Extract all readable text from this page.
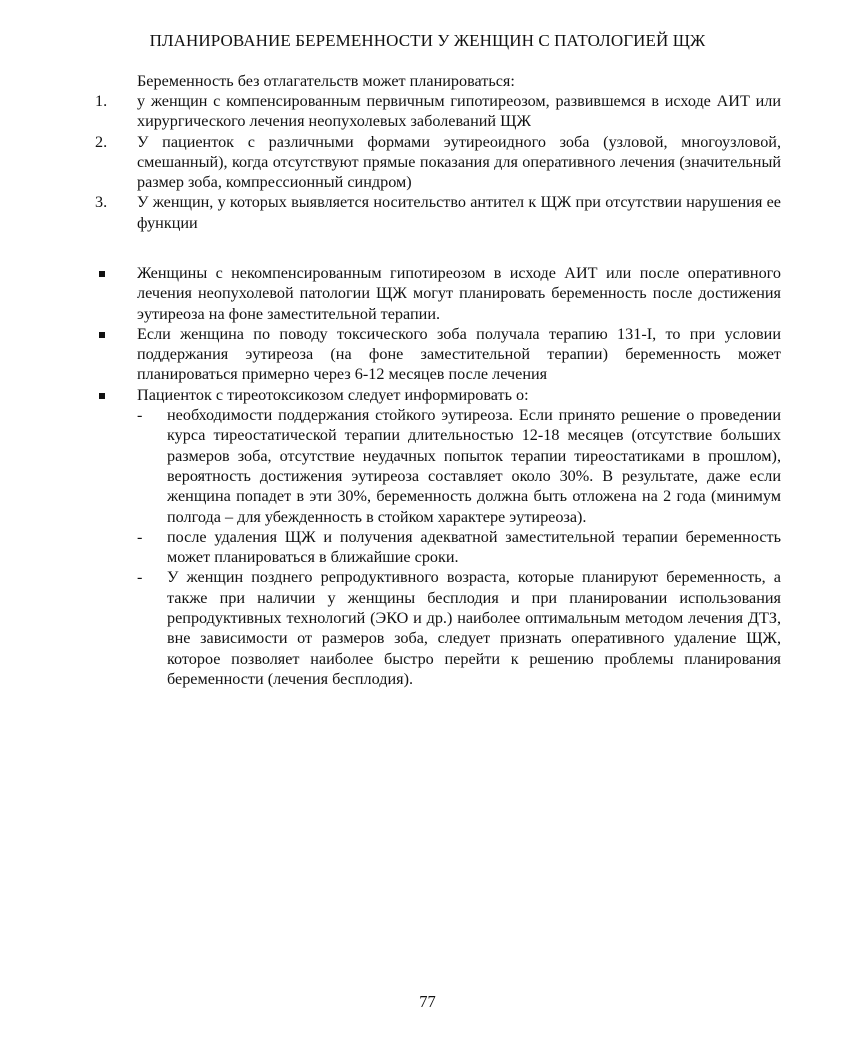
ПЛАНИРОВАНИЕ БЕРЕМЕННОСТИ У ЖЕНЩИН С ПАТОЛОГИЕЙ ЩЖ
Беременность без отлагательств может планироваться:
1. у женщин с компенсированным первичным гипотиреозом, развившемся в исходе АИТ или хирургического лечения неопухолевых заболеваний ЩЖ
2. У пациенток с различными формами эутиреоидного зоба (узловой, многоузловой, смешанный), когда отсутствуют прямые показания для оперативного лечения (значительный размер зоба, компрессионный синдром)
3. У женщин, у которых выявляется носительство антител к ЩЖ при отсутствии нарушения ее функции
Женщины с некомпенсированным гипотиреозом в исходе АИТ или после оперативного лечения неопухолевой патологии ЩЖ могут планировать беременность после достижения эутиреоза на фоне заместительной терапии.
Если женщина по поводу токсического зоба получала терапию 131-I, то при условии поддержания эутиреоза (на фоне заместительной терапии) беременность может планироваться примерно через 6-12 месяцев после лечения
Пациенток с тиреотоксикозом следует информировать о:
- необходимости поддержания стойкого эутиреоза. Если принято решение о проведении курса тиреостатической терапии длительностью 12-18 месяцев (отсутствие больших размеров зоба, отсутствие неудачных попыток терапии тиреостатиками в прошлом), вероятность достижения эутиреоза составляет около 30%. В результате, даже если женщина попадет в эти 30%, беременность должна быть отложена на 2 года (минимум полгода – для убежденность в стойком характере эутиреоза).
- после удаления ЩЖ и получения адекватной заместительной терапии беременность может планироваться в ближайшие сроки.
- У женщин позднего репродуктивного возраста, которые планируют беременность, а также при наличии у женщины бесплодия и при планировании использования репродуктивных технологий (ЭКО и др.) наиболее оптимальным методом лечения ДТЗ, вне зависимости от размеров зоба, следует признать оперативного удаление ЩЖ, которое позволяет наиболее быстро перейти к решению проблемы планирования беременности (лечения бесплодия).
77
